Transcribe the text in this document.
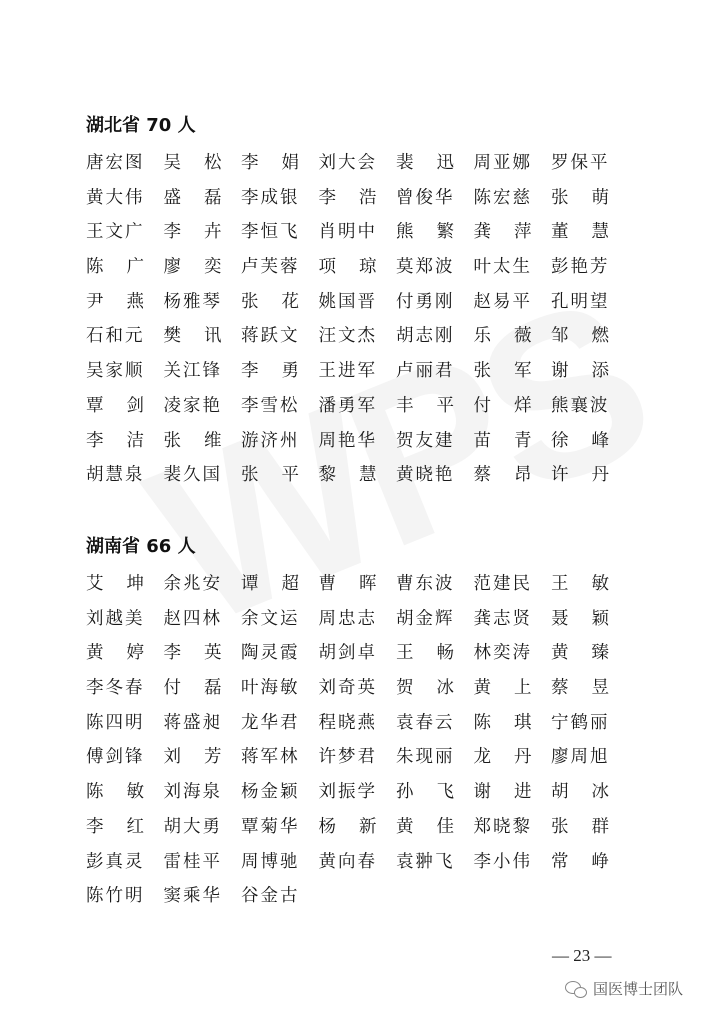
湖北省 70 人
唐宏图 吴松 李娟 刘大会 裴迅 周亚娜 罗保平
黄大伟 盛磊 李成银 李浩 曾俊华 陈宏慈 张萌
王文广 李卉 李恒飞 肖明中 熊繁 龚萍 董慧
陈广 廖奕 卢芙蓉 项琼 莫郑波 叶太生 彭艳芳
尹燕 杨雅琴 张花 姚国晋 付勇刚 赵易平 孔明望
石和元 樊讯 蒋跃文 汪文杰 胡志刚 乐薇 邹燃
吴家顺 关江锋 李勇 王进军 卢丽君 张军 谢添
覃剑 凌家艳 李雪松 潘勇军 丰平 付烊 熊襄波
李洁 张维 游济州 周艳华 贺友建 苗青 徐峰
胡慧泉 裴久国 张平 黎慧 黄晓艳 蔡昂 许丹
湖南省 66 人
艾坤 余兆安 谭超 曹晖 曹东波 范建民 王敏
刘越美 赵四林 余文运 周忠志 胡金辉 龚志贤 聂颖
黄婷 李英 陶灵霞 胡剑卓 王畅 林奕涛 黄臻
李冬春 付磊 叶海敏 刘奇英 贺冰 黄上 蔡昱
陈四明 蒋盛昶 龙华君 程晓燕 袁春云 陈琪 宁鹤丽
傅剑锋 刘芳 蒋军林 许梦君 朱现丽 龙丹 廖周旭
陈敏 刘海泉 杨金颖 刘振学 孙飞 谢进 胡冰
李红 胡大勇 覃菊华 杨新 黄佳 郑晓黎 张群
彭真灵 雷桂平 周博驰 黄向春 袁翀飞 李小伟 常峥
陈竹明 窦乘华 谷金古
— 23 —
国医博士团队
